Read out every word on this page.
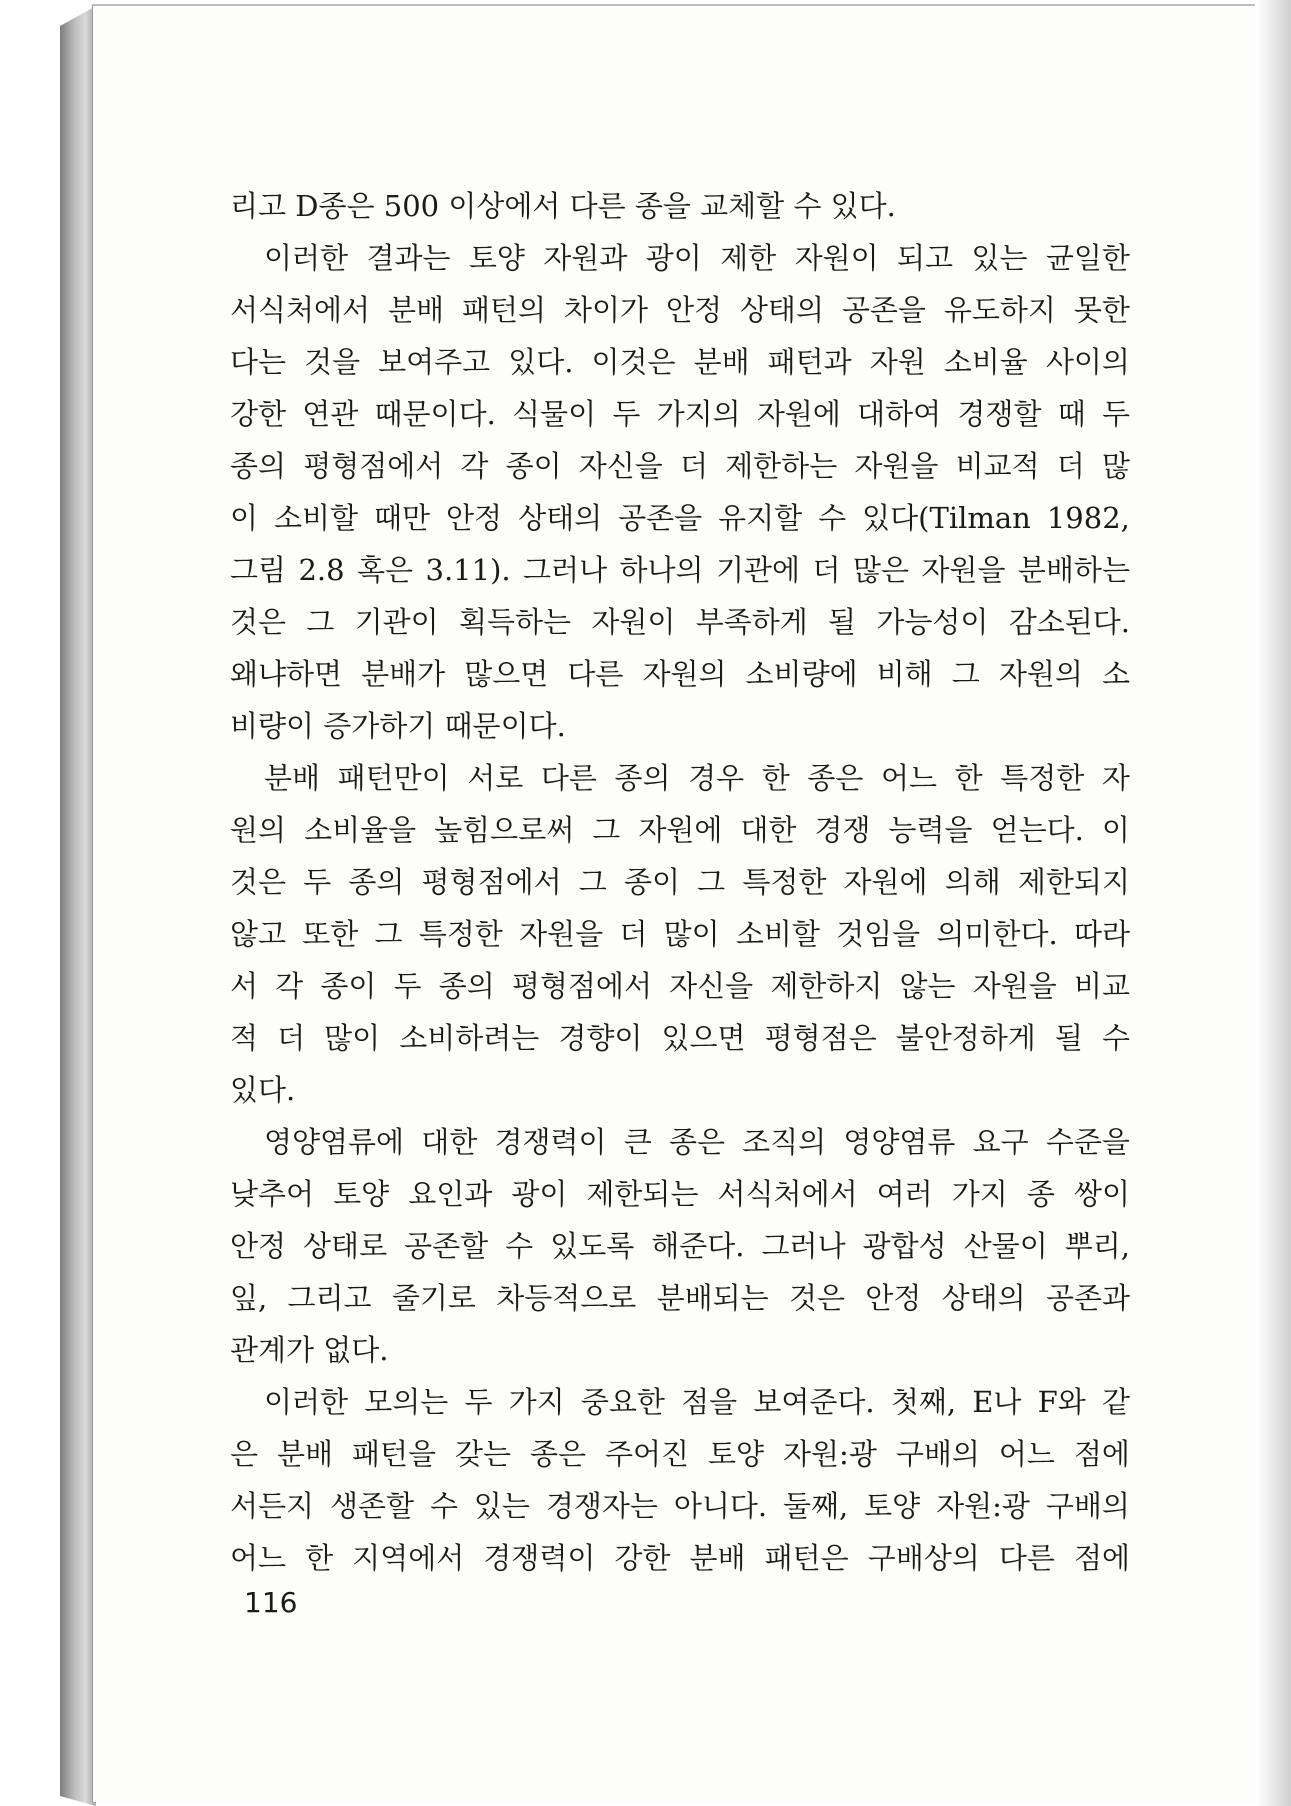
리고 D종은 500 이상에서 다른 종을 교체할 수 있다.
이러한 결과는 토양 자원과 광이 제한 자원이 되고 있는 균일한
서식처에서 분배 패턴의 차이가 안정 상태의 공존을 유도하지 못한
다는 것을 보여주고 있다. 이것은 분배 패턴과 자원 소비율 사이의
강한 연관 때문이다. 식물이 두 가지의 자원에 대하여 경쟁할 때 두
종의 평형점에서 각 종이 자신을 더 제한하는 자원을 비교적 더 많
이 소비할 때만 안정 상태의 공존을 유지할 수 있다(Tilman 1982,
그림 2.8 혹은 3.11). 그러나 하나의 기관에 더 많은 자원을 분배하는
것은 그 기관이 획득하는 자원이 부족하게 될 가능성이 감소된다.
왜냐하면 분배가 많으면 다른 자원의 소비량에 비해 그 자원의 소
비량이 증가하기 때문이다.
분배 패턴만이 서로 다른 종의 경우 한 종은 어느 한 특정한 자
원의 소비율을 높힘으로써 그 자원에 대한 경쟁 능력을 얻는다. 이
것은 두 종의 평형점에서 그 종이 그 특정한 자원에 의해 제한되지
않고 또한 그 특정한 자원을 더 많이 소비할 것임을 의미한다. 따라
서 각 종이 두 종의 평형점에서 자신을 제한하지 않는 자원을 비교
적 더 많이 소비하려는 경향이 있으면 평형점은 불안정하게 될 수
있다.
영양염류에 대한 경쟁력이 큰 종은 조직의 영양염류 요구 수준을
낮추어 토양 요인과 광이 제한되는 서식처에서 여러 가지 종 쌍이
안정 상태로 공존할 수 있도록 해준다. 그러나 광합성 산물이 뿌리,
잎, 그리고 줄기로 차등적으로 분배되는 것은 안정 상태의 공존과
관계가 없다.
이러한 모의는 두 가지 중요한 점을 보여준다. 첫째, E나 F와 같
은 분배 패턴을 갖는 종은 주어진 토양 자원:광 구배의 어느 점에
서든지 생존할 수 있는 경쟁자는 아니다. 둘째, 토양 자원:광 구배의
어느 한 지역에서 경쟁력이 강한 분배 패턴은 구배상의 다른 점에
116
